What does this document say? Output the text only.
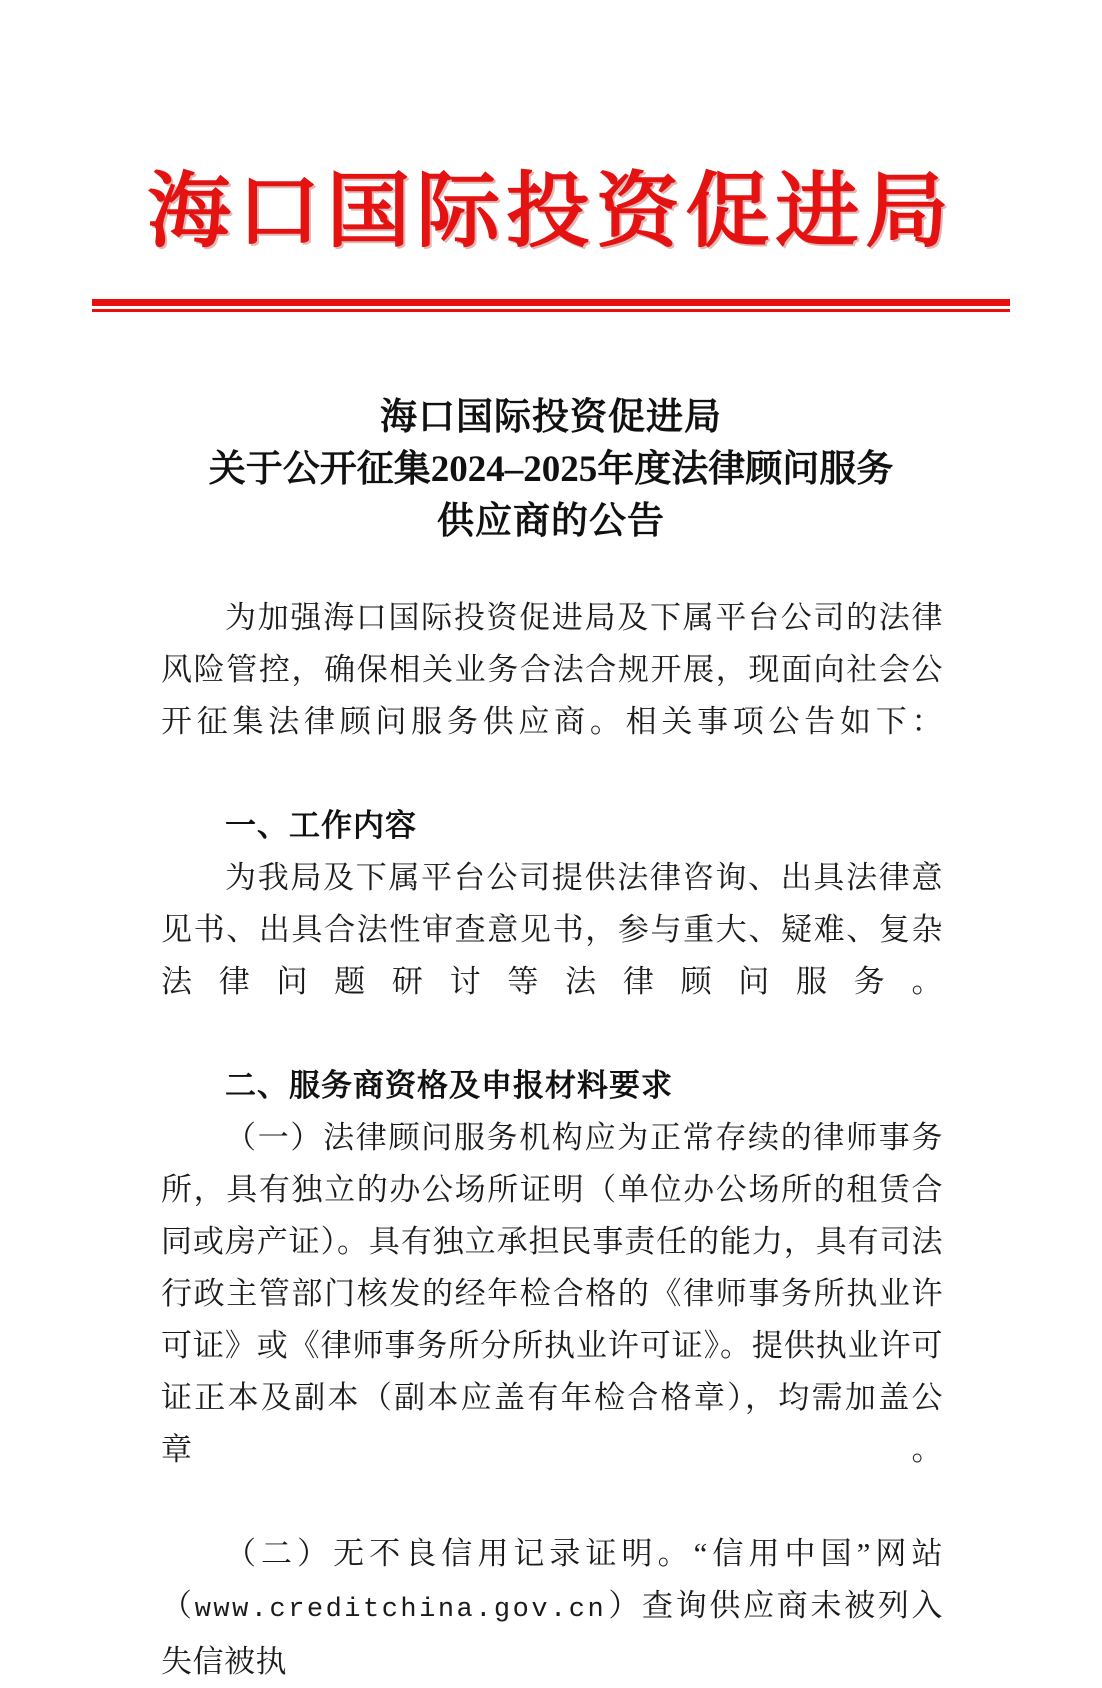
海口国际投资促进局
海口国际投资促进局
关于公开征集2024–2025年度法律顾问服务
供应商的公告

为加强海口国际投资促进局及下属平台公司的法律风险管控，确保相关业务合法合规开展，现面向社会公开征集法律顾问服务供应商。相关事项公告如下：

一、工作内容

为我局及下属平台公司提供法律咨询、出具法律意见书、出具合法性审查意见书，参与重大、疑难、复杂法律问题研讨等法律顾问服务。

二、服务商资格及申报材料要求

（一）法律顾问服务机构应为正常存续的律师事务所，具有独立的办公场所证明（单位办公场所的租赁合同或房产证）。具有独立承担民事责任的能力，具有司法行政主管部门核发的经年检合格的《律师事务所执业许可证》或《律师事务所分所执业许可证》。提供执业许可证正本及副本（副本应盖有年检合格章），均需加盖公章。

（二）无不良信用记录证明。“信用中国”网站（www.creditchina.gov.cn）查询供应商未被列入失信被执
